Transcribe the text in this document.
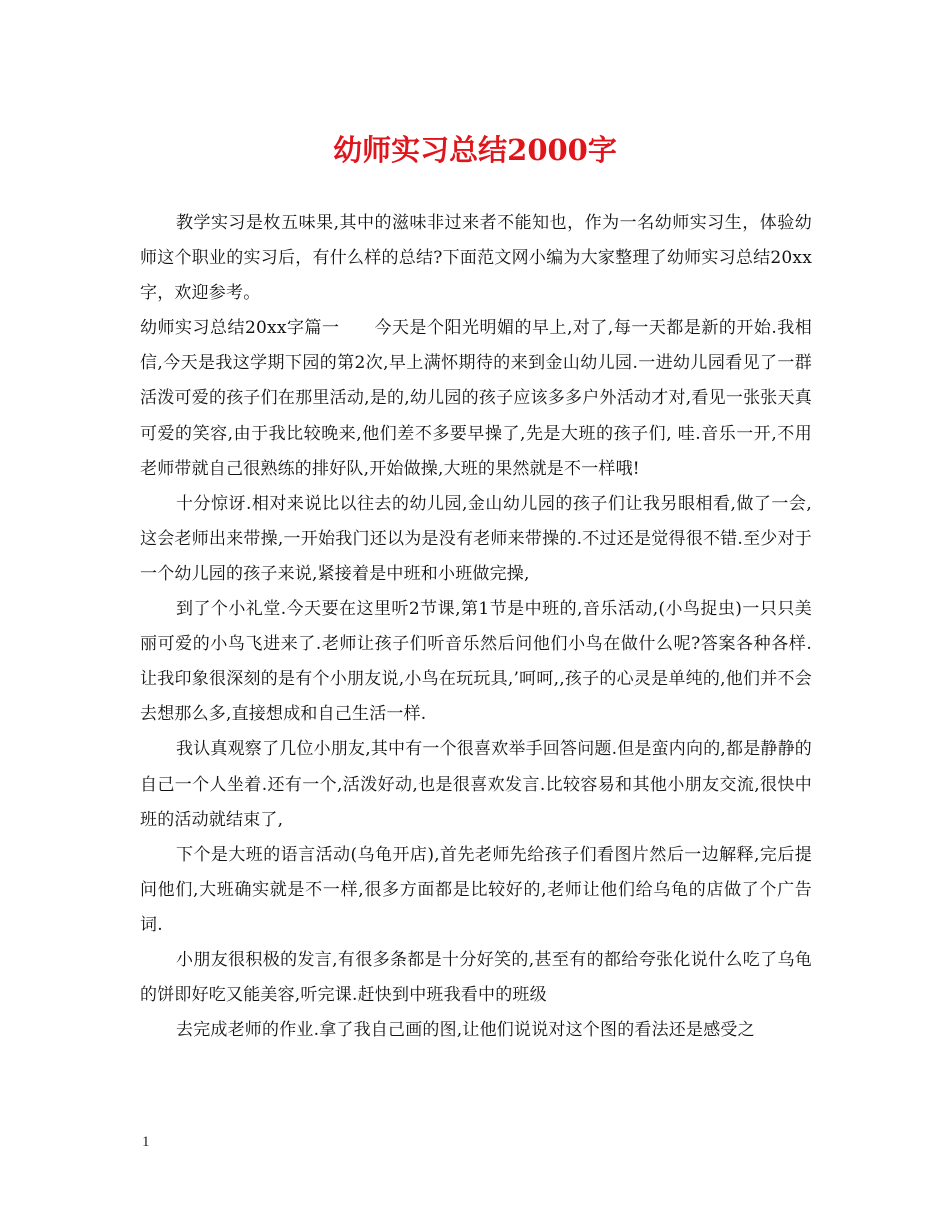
幼师实习总结2000字

教学实习是枚五味果,其中的滋味非过来者不能知也，作为一名幼师实习生，体验幼师这个职业的实习后，有什么样的总结?下面范文网小编为大家整理了幼师实习总结20xx字，欢迎参考。

幼师实习总结20xx字篇一　　今天是个阳光明媚的早上,对了,每一天都是新的开始.我相信,今天是我这学期下园的第2次,早上满怀期待的来到金山幼儿园.一进幼儿园看见了一群活泼可爱的孩子们在那里活动,是的,幼儿园的孩子应该多多户外活动才对,看见一张张天真可爱的笑容,由于我比较晚来,他们差不多要早操了,先是大班的孩子们, 哇.音乐一开,不用老师带就自己很熟练的排好队,开始做操,大班的果然就是不一样哦!

十分惊讶.相对来说比以往去的幼儿园,金山幼儿园的孩子们让我另眼相看,做了一会,这会老师出来带操,一开始我门还以为是没有老师来带操的.不过还是觉得很不错.至少对于一个幼儿园的孩子来说,紧接着是中班和小班做完操,

到了个小礼堂.今天要在这里听2节课,第1节是中班的,音乐活动,(小鸟捉虫)一只只美丽可爱的小鸟飞进来了.老师让孩子们听音乐然后问他们小鸟在做什么呢?答案各种各样.让我印象很深刻的是有个小朋友说,小鸟在玩玩具,’呵呵,,孩子的心灵是单纯的,他们并不会去想那么多,直接想成和自己生活一样.

我认真观察了几位小朋友,其中有一个很喜欢举手回答问题.但是蛮内向的,都是静静的自己一个人坐着.还有一个,活泼好动,也是很喜欢发言.比较容易和其他小朋友交流,很快中班的活动就结束了,

下个是大班的语言活动(乌龟开店),首先老师先给孩子们看图片然后一边解释,完后提问他们,大班确实就是不一样,很多方面都是比较好的,老师让他们给乌龟的店做了个广告词.

小朋友很积极的发言,有很多条都是十分好笑的,甚至有的都给夸张化说什么吃了乌龟的饼即好吃又能美容,听完课.赶快到中班我看中的班级

去完成老师的作业.拿了我自己画的图,让他们说说对这个图的看法还是感受之

1
